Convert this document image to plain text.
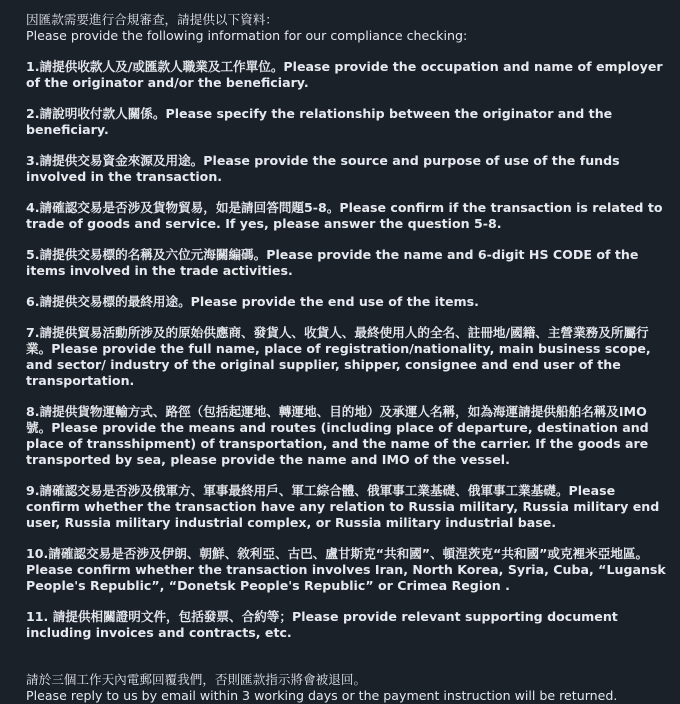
因匯款需要進行合規審查，請提供以下資料：

Please provide the following information for our compliance checking:

1.請提供收款人及/或匯款人職業及工作單位。Please provide the occupation and name of employer of the originator and/or the beneficiary.
2.請說明收付款人關係。Please specify the relationship between the originator and the beneficiary.
3.請提供交易資金來源及用途。Please provide the source and purpose of use of the funds involved in the transaction.
4.請確認交易是否涉及貨物貿易，如是請回答問題5-8。Please confirm if the transaction is related to trade of goods and service. If yes, please answer the question 5-8.
5.請提供交易標的名稱及六位元海關編碼。Please provide the name and 6-digit HS CODE of the items involved in the trade activities.
6.請提供交易標的最終用途。Please provide the end use of the items.
7.請提供貿易活動所涉及的原始供應商、發貨人、收貨人、最終使用人的全名、註冊地/國籍、主營業務及所屬行業。Please provide the full name, place of registration/nationality, main business scope, and sector/ industry of the original supplier, shipper, consignee and end user of the transportation.
8.請提供貨物運輸方式、路徑（包括起運地、轉運地、目的地）及承運人名稱，如為海運請提供船舶名稱及IMO號。Please provide the means and routes (including place of departure, destination and place of transshipment) of transportation, and the name of the carrier. If the goods are transported by sea, please provide the name and IMO of the vessel.
9.請確認交易是否涉及俄軍方、軍事最終用戶、軍工綜合體、俄軍事工業基礎、俄軍事工業基礎。Please confirm whether the transaction have any relation to Russia military, Russia military end user, Russia military industrial complex, or Russia military industrial base.
10.請確認交易是否涉及伊朗、朝鮮、敘利亞、古巴、盧甘斯克“共和國”、頓涅茨克“共和國”或克裡米亞地區。Please confirm whether the transaction involves Iran, North Korea, Syria, Cuba, “Lugansk People's Republic”, “Donetsk People's Republic” or Crimea Region .
11. 請提供相關證明文件，包括發票、合約等；Please provide relevant supporting document including invoices and contracts, etc.

請於三個工作天內電郵回覆我們，否則匯款指示將會被退回。

Please reply to us by email within 3 working days or the payment instruction will be returned.
